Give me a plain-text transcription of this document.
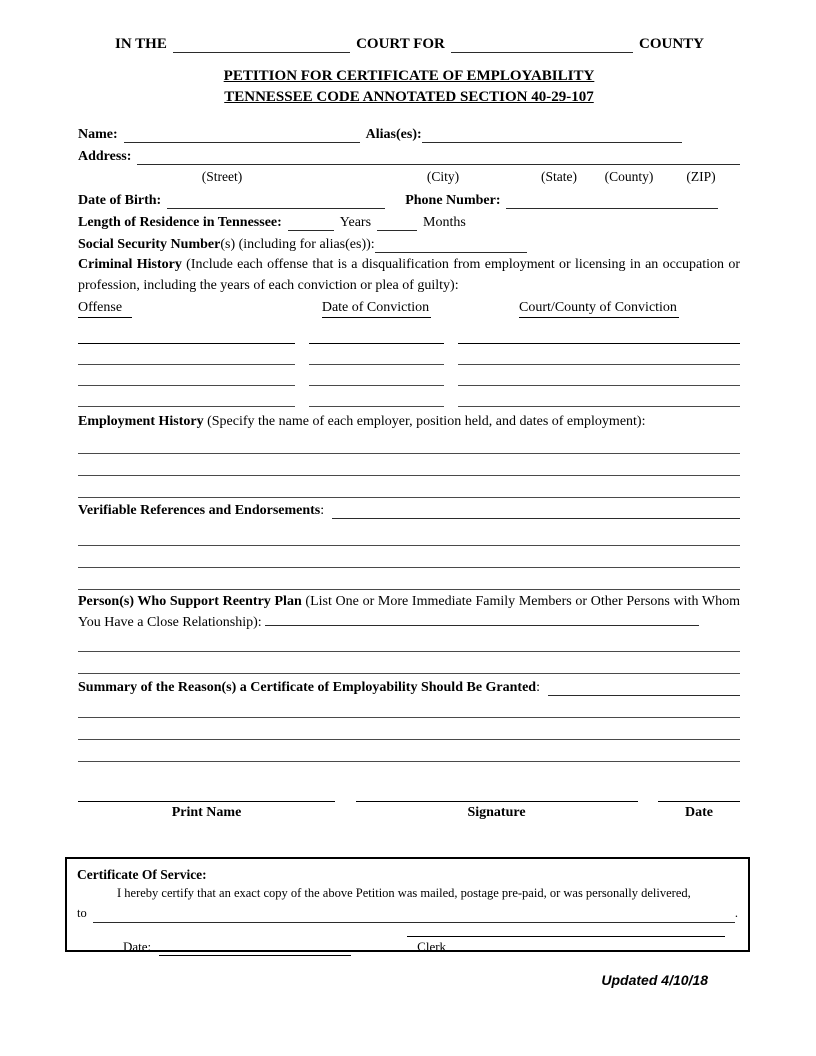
IN THE	COURT FOR	COUNTY
PETITION FOR CERTIFICATE OF EMPLOYABILITY
TENNESSEE CODE ANNOTATED SECTION 40-29-107
Name:	Alias(es):
Address:
(Street)	(City)	(State) (County) (ZIP)
Date of Birth:	Phone Number:
Length of Residence in Tennessee:	Years	Months
Social Security Number (s) (including for alias(es)):
Criminal History (Include each offense that is a disqualification from employment or licensing in an occupation or profession, including the years of each conviction or plea of guilty):
Offense	Date of Conviction	Court/County of Conviction
Employment History (Specify the name of each employer, position held, and dates of employment):
Verifiable References and Endorsements :
Person(s) Who Support Reentry Plan (List One or More Immediate Family Members or Other Persons with Whom You Have a Close Relationship):
Summary of the Reason(s) a Certificate of Employability Should Be Granted :
Print Name	Signature	Date
Certificate Of Service:
I hereby certify that an exact copy of the above Petition was mailed, postage pre-paid, or was personally delivered,
to	.
Date:	Clerk
Updated 4/10/18
